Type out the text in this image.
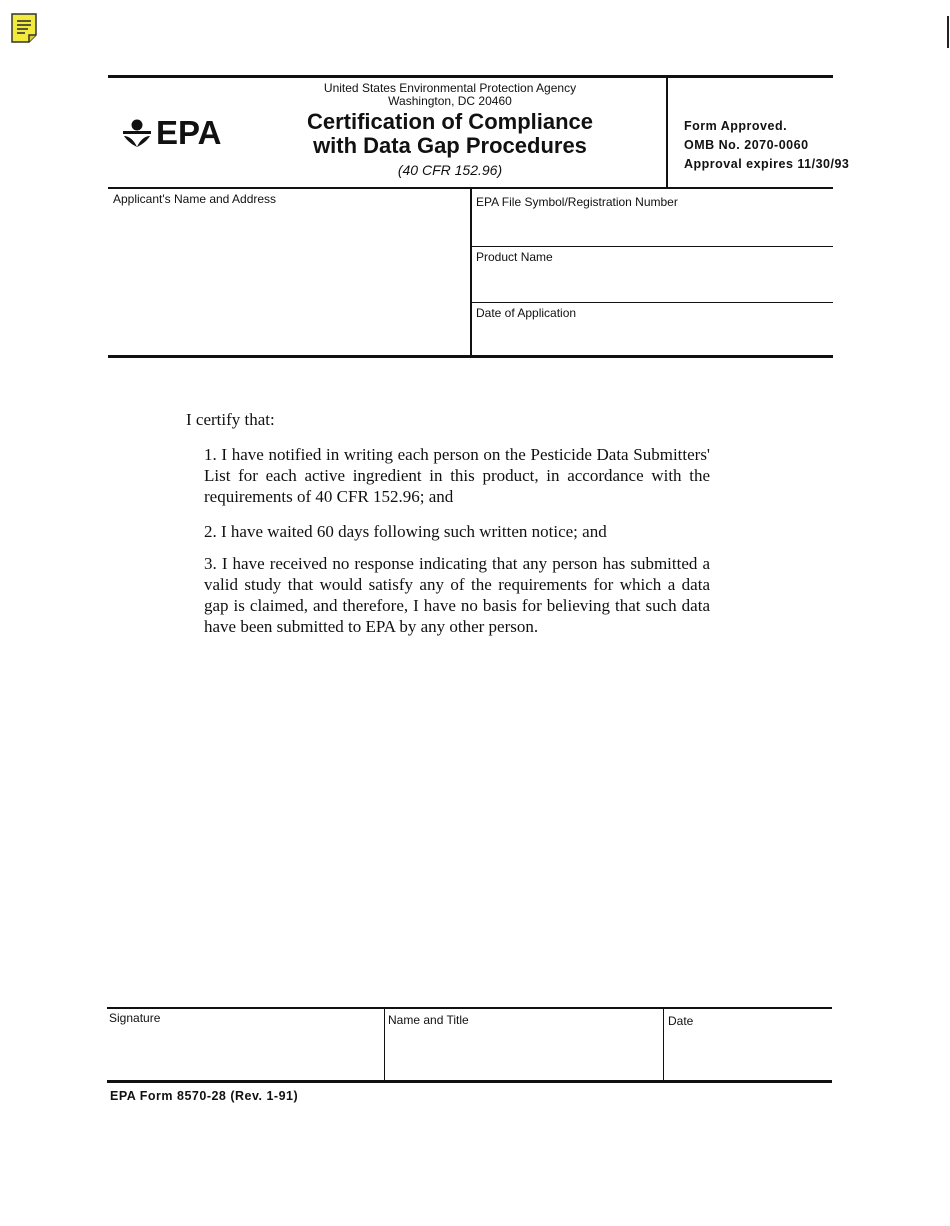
EPA
United States Environmental Protection Agency
Washington, DC 20460
Certification of Compliance
with Data Gap Procedures
(40 CFR 152.96)
Form Approved.
OMB No. 2070-0060
Approval expires 11/30/93
Applicant's Name and Address	EPA File Symbol/Registration Number
Product Name
Date of Application
I certify that:
1. I have notified in writing each person on the Pesticide Data Submitters' List for each active ingredient in this product, in accordance with the requirements of 40 CFR 152.96; and
2. I have waited 60 days following such written notice; and
3. I have received no response indicating that any person has submitted a valid study that would satisfy any of the requirements for which a data gap is claimed, and therefore, I have no basis for believing that such data have been submitted to EPA by any other person.
Signature	Name and Title	Date
EPA Form 8570-28 (Rev. 1-91)
